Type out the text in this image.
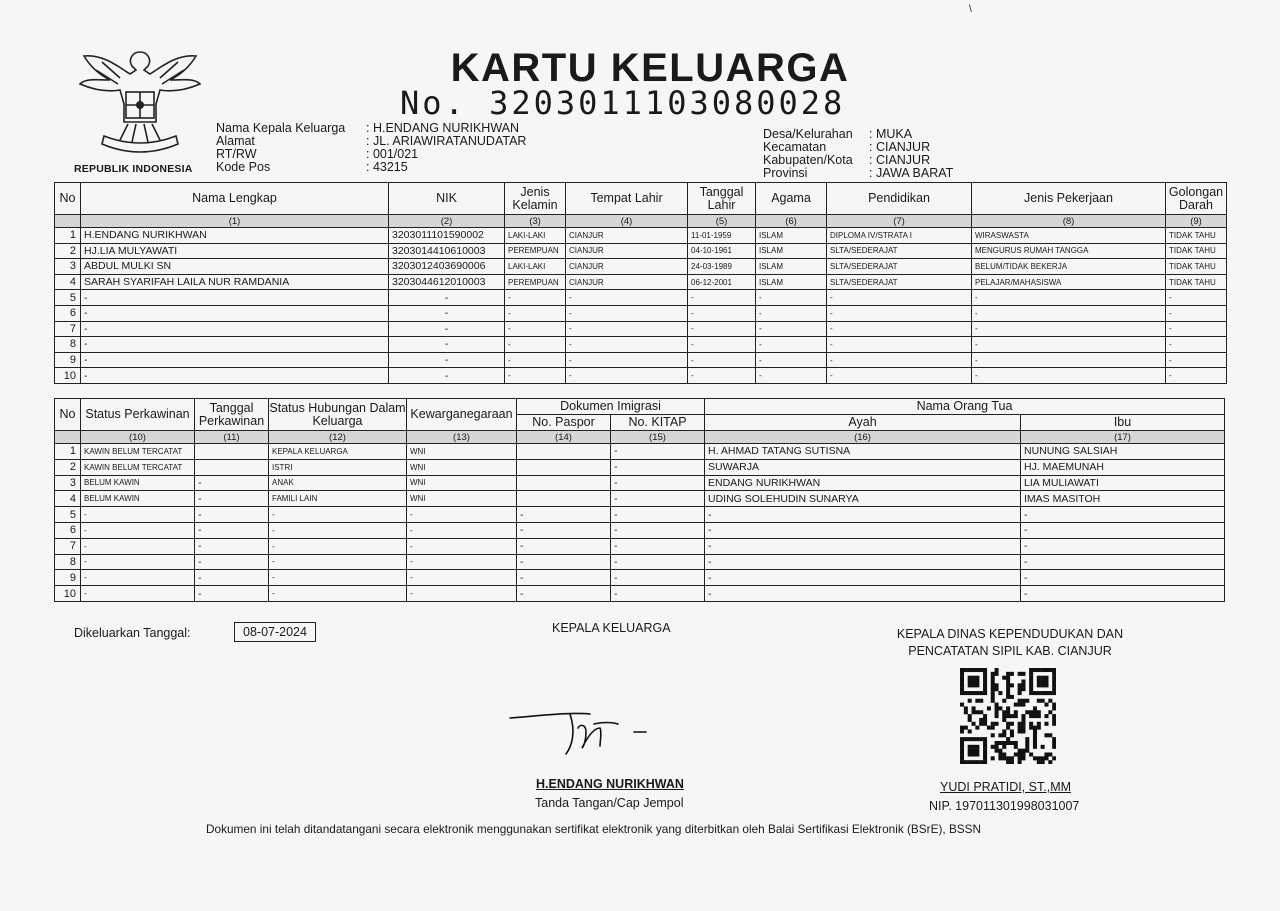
\
REPUBLIK INDONESIA
KARTU KELUARGA
No. 3203011103080028
Nama Kepala Keluarga	: H.ENDANG NURIKHWAN
Alamat	: JL. ARIAWIRATANUDATAR
RT/RW	: 001/021
Kode Pos	: 43215
Desa/Kelurahan	: MUKA
Kecamatan	: CIANJUR
Kabupaten/Kota	: CIANJUR
Provinsi	: JAWA BARAT
No	Nama Lengkap	NIK	Jenis Kelamin	Tempat Lahir	Tanggal Lahir	Agama	Pendidikan	Jenis Pekerjaan	Golongan Darah
	(1)	(2)	(3)	(4)	(5)	(6)	(7)	(8)	(9)
1	H.ENDANG NURIKHWAN	3203011101590002	LAKI-LAKI	CIANJUR	11-01-1959	ISLAM	DIPLOMA IV/STRATA I	WIRASWASTA	TIDAK TAHU
2	HJ.LIA MULYAWATI	3203014410610003	PEREMPUAN	CIANJUR	04-10-1961	ISLAM	SLTA/SEDERAJAT	MENGURUS RUMAH TANGGA	TIDAK TAHU
3	ABDUL MULKI SN	3203012403690006	LAKI-LAKI	CIANJUR	24-03-1989	ISLAM	SLTA/SEDERAJAT	BELUM/TIDAK BEKERJA	TIDAK TAHU
4	SARAH SYARIFAH LAILA NUR RAMDANIA	3203044612010003	PEREMPUAN	CIANJUR	06-12-2001	ISLAM	SLTA/SEDERAJAT	PELAJAR/MAHASISWA	TIDAK TAHU
5	-	-	-	-	-	-	-	-	-
6	-	-	-	-	-	-	-	-	-
7	-	-	-	-	-	-	-	-	-
8	-	-	-	-	-	-	-	-	-
9	-	-	-	-	-	-	-	-	-
10	-	-	-	-	-	-	-	-	-
No	Status Perkawinan	Tanggal Perkawinan	Status Hubungan Dalam Keluarga	Kewarganegaraan	Dokumen Imigrasi		Nama Orang Tua	
					No. Paspor	No. KITAP	Ayah	Ibu
	(10)	(11)	(12)	(13)	(14)	(15)	(16)	(17)
1	KAWIN BELUM TERCATAT		KEPALA KELUARGA	WNI		-	H. AHMAD TATANG SUTISNA	NUNUNG SALSIAH
2	KAWIN BELUM TERCATAT		ISTRI	WNI		-	SUWARJA	HJ. MAEMUNAH
3	BELUM KAWIN	-	ANAK	WNI		-	ENDANG NURIKHWAN	LIA MULIAWATI
4	BELUM KAWIN	-	FAMILI LAIN	WNI		-	UDING SOLEHUDIN SUNARYA	IMAS MASITOH
5	-	-	-	-	-	-	-	-
6	-	-	-	-	-	-	-	-
7	-	-	-	-	-	-	-	-
8	-	-	-	-	-	-	-	-
9	-	-	-	-	-	-	-	-
10	-	-	-	-	-	-	-	-
Dikeluarkan Tanggal:	08-07-2024	KEPALA KELUARGA
H.ENDANG NURIKHWAN
Tanda Tangan/Cap Jempol
KEPALA DINAS KEPENDUDUKAN DAN PENCATATAN SIPIL KAB. CIANJUR
YUDI PRATIDI, ST.,MM
NIP. 197011301998031007
Dokumen ini telah ditandatangani secara elektronik menggunakan sertifikat elektronik yang diterbitkan oleh Balai Sertifikasi Elektronik (BSrE), BSSN
